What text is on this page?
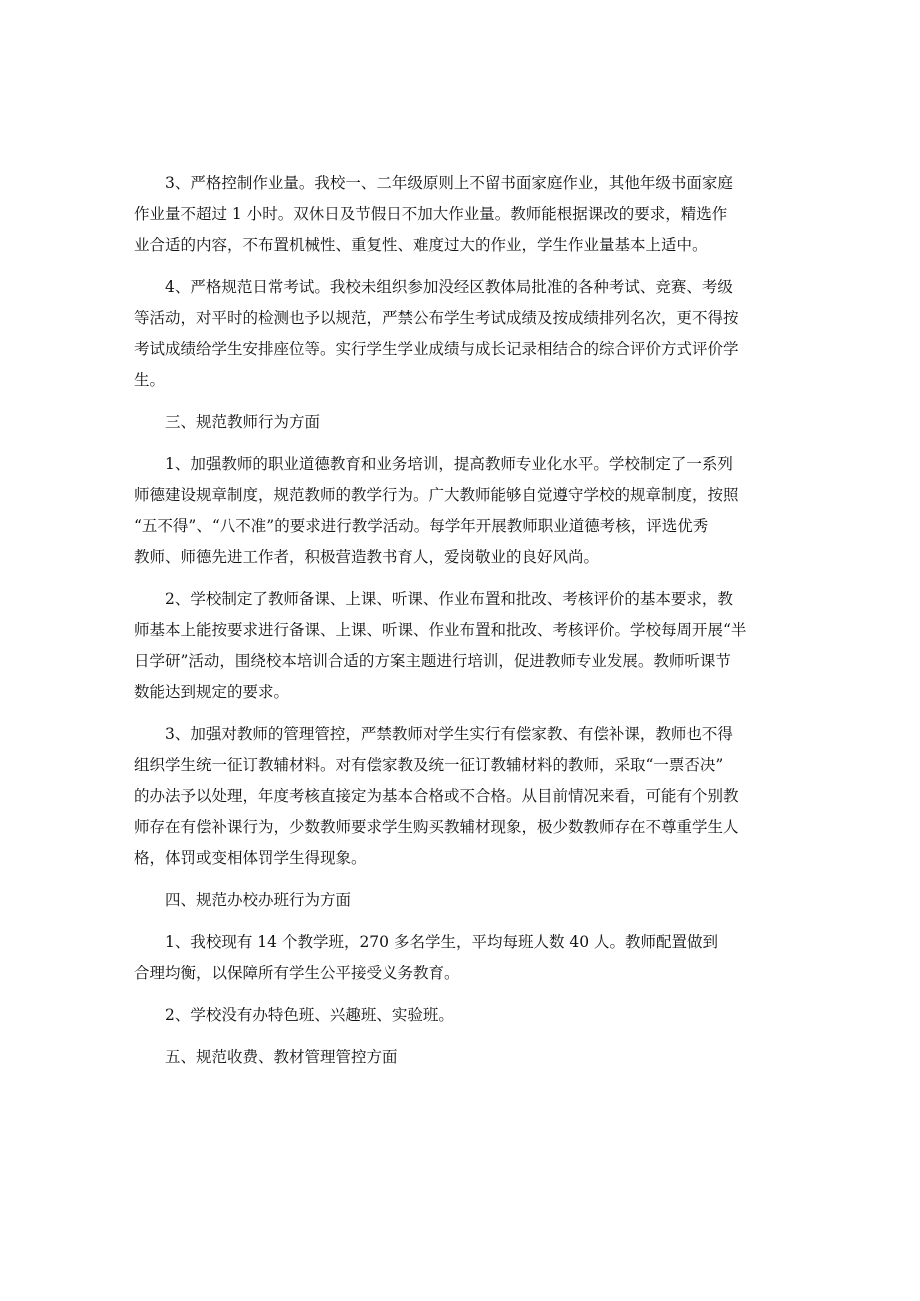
3、严格控制作业量。我校一、二年级原则上不留书面家庭作业，其他年级书面家庭
作业量不超过 1 小时。双休日及节假日不加大作业量。教师能根据课改的要求，精选作
业合适的内容，不布置机械性、重复性、难度过大的作业，学生作业量基本上适中。
4、严格规范日常考试。我校未组织参加没经区教体局批准的各种考试、竞赛、考级
等活动，对平时的检测也予以规范，严禁公布学生考试成绩及按成绩排列名次，更不得按
考试成绩给学生安排座位等。实行学生学业成绩与成长记录相结合的综合评价方式评价学
生。
三、规范教师行为方面
1、加强教师的职业道德教育和业务培训，提高教师专业化水平。学校制定了一系列
师德建设规章制度，规范教师的教学行为。广大教师能够自觉遵守学校的规章制度，按照
“五不得”、“八不准”的要求进行教学活动。每学年开展教师职业道德考核，评选优秀
教师、师德先进工作者，积极营造教书育人，爱岗敬业的良好风尚。
2、学校制定了教师备课、上课、听课、作业布置和批改、考核评价的基本要求，教
师基本上能按要求进行备课、上课、听课、作业布置和批改、考核评价。学校每周开展“半
日学研”活动，围绕校本培训合适的方案主题进行培训，促进教师专业发展。教师听课节
数能达到规定的要求。
3、加强对教师的管理管控，严禁教师对学生实行有偿家教、有偿补课，教师也不得
组织学生统一征订教辅材料。对有偿家教及统一征订教辅材料的教师，采取“一票否决”
的办法予以处理，年度考核直接定为基本合格或不合格。从目前情况来看，可能有个别教
师存在有偿补课行为，少数教师要求学生购买教辅材现象，极少数教师存在不尊重学生人
格，体罚或变相体罚学生得现象。
四、规范办校办班行为方面
1、我校现有 14 个教学班，270 多名学生，平均每班人数 40 人。教师配置做到
合理均衡，以保障所有学生公平接受义务教育。
2、学校没有办特色班、兴趣班、实验班。
五、规范收费、教材管理管控方面
